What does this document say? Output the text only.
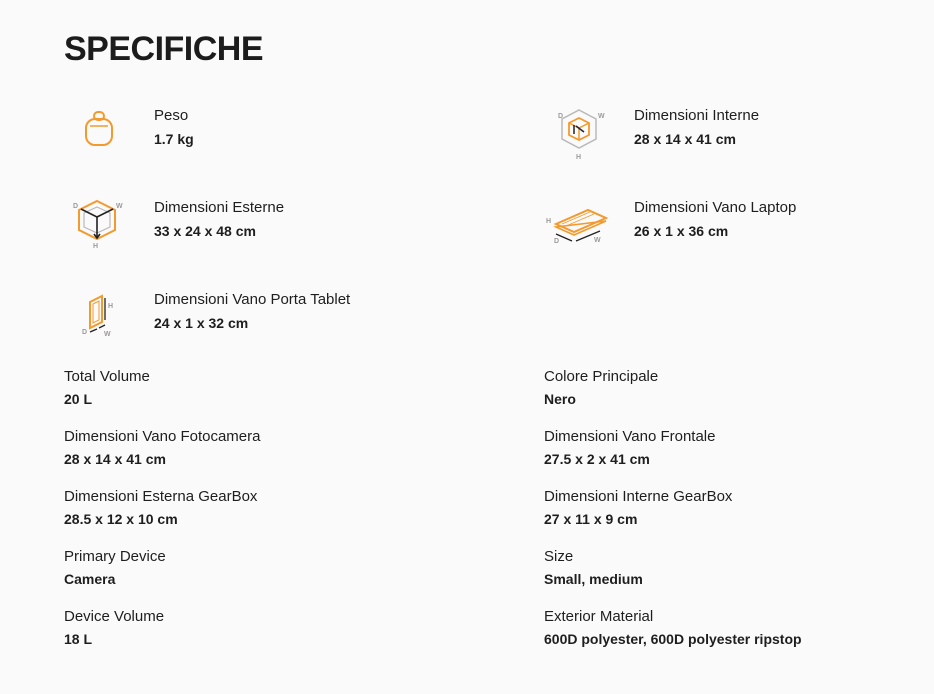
SPECIFICHE
Peso
1.7 kg
D	W
H
Dimensioni Interne
28 x 14 x 41 cm
D	W
H
Dimensioni Esterne
33 x 24 x 48 cm
H
D	W
Dimensioni Vano Laptop
26 x 1 x 36 cm
H
D W
Dimensioni Vano Porta Tablet
24 x 1 x 32 cm
Total Volume
20 L
Colore Principale
Nero
Dimensioni Vano Fotocamera
28 x 14 x 41 cm
Dimensioni Vano Frontale
27.5 x 2 x 41 cm
Dimensioni Esterna GearBox
28.5 x 12 x 10 cm
Dimensioni Interne GearBox
27 x 11 x 9 cm
Primary Device
Camera
Size
Small, medium
Device Volume
18 L
Exterior Material
600D polyester, 600D polyester ripstop
